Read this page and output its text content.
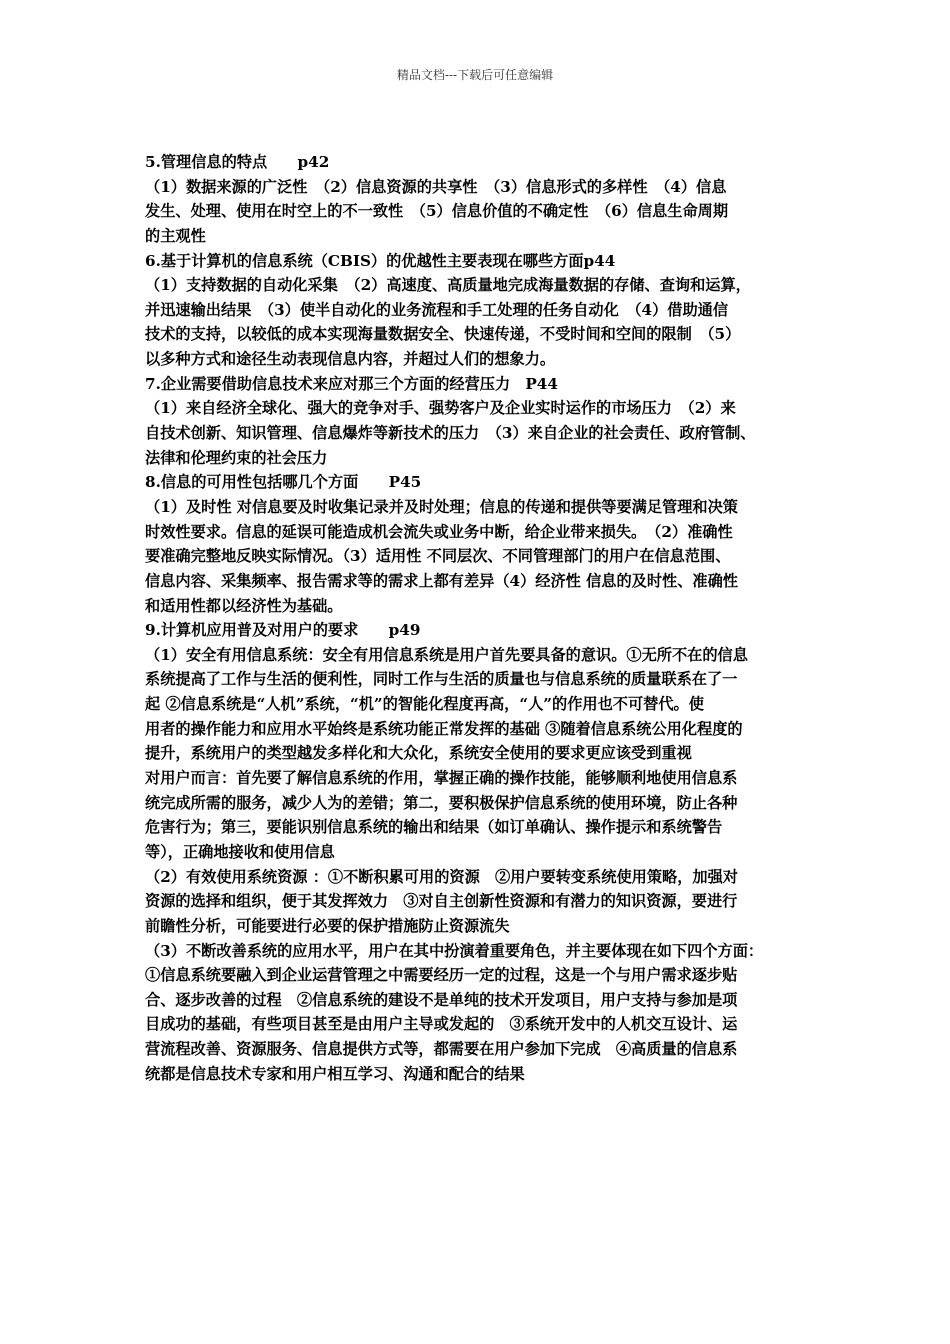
精品文档---下载后可任意编辑
5.管理信息的特点　　p42
（1）数据来源的广泛性　（2）信息资源的共享性　（3）信息形式的多样性　（4）信息
发生、处理、使用在时空上的不一致性　（5）信息价值的不确定性　（6）信息生命周期
的主观性
6.基于计算机的信息系统（CBIS）的优越性主要表现在哪些方面p44
（1）支持数据的自动化采集　（2）高速度、高质量地完成海量数据的存储、查询和运算，
并迅速输出结果　（3）使半自动化的业务流程和手工处理的任务自动化　（4）借助通信
技术的支持，以较低的成本实现海量数据安全、快速传递，不受时间和空间的限制　（5）
以多种方式和途径生动表现信息内容，并超过人们的想象力。
7.企业需要借助信息技术来应对那三个方面的经营压力　P44
（1）来自经济全球化、强大的竞争对手、强势客户及企业实时运作的市场压力　（2）来
自技术创新、知识管理、信息爆炸等新技术的压力　（3）来自企业的社会责任、政府管制、
法律和伦理约束的社会压力
8.信息的可用性包括哪几个方面　　P45
（1）及时性 对信息要及时收集记录并及时处理；信息的传递和提供等要满足管理和决策
时效性要求。信息的延误可能造成机会流失或业务中断，给企业带来损失。　（2）准确性
要准确完整地反映实际情况。（3）适用性 不同层次、不同管理部门的用户在信息范围、
信息内容、采集频率、报告需求等的需求上都有差异（4）经济性 信息的及时性、准确性
和适用性都以经济性为基础。
9.计算机应用普及对用户的要求　　p49
（1）安全有用信息系统：安全有用信息系统是用户首先要具备的意识。①无所不在的信息
系统提高了工作与生活的便利性，同时工作与生活的质量也与信息系统的质量联系在了一
起 ②信息系统是“人机”系统，“机”的智能化程度再高，“人”的作用也不可替代。使
用者的操作能力和应用水平始终是系统功能正常发挥的基础 ③随着信息系统公用化程度的
提升，系统用户的类型越发多样化和大众化，系统安全使用的要求更应该受到重视
对用户而言：首先要了解信息系统的作用，掌握正确的操作技能，能够顺利地使用信息系
统完成所需的服务，减少人为的差错；第二，要积极保护信息系统的使用环境，防止各种
危害行为；第三，要能识别信息系统的输出和结果（如订单确认、操作提示和系统警告
等），正确地接收和使用信息
（2）有效使用系统资源 ：①不断积累可用的资源　②用户要转变系统使用策略，加强对
资源的选择和组织，便于其发挥效力　③对自主创新性资源和有潜力的知识资源，要进行
前瞻性分析，可能要进行必要的保护措施防止资源流失
（3）不断改善系统的应用水平，用户在其中扮演着重要角色，并主要体现在如下四个方面：
①信息系统要融入到企业运营管理之中需要经历一定的过程，这是一个与用户需求逐步贴
合、逐步改善的过程　②信息系统的建设不是单纯的技术开发项目，用户支持与参加是项
目成功的基础，有些项目甚至是由用户主导或发起的　③系统开发中的人机交互设计、运
营流程改善、资源服务、信息提供方式等，都需要在用户参加下完成　④高质量的信息系
统都是信息技术专家和用户相互学习、沟通和配合的结果
